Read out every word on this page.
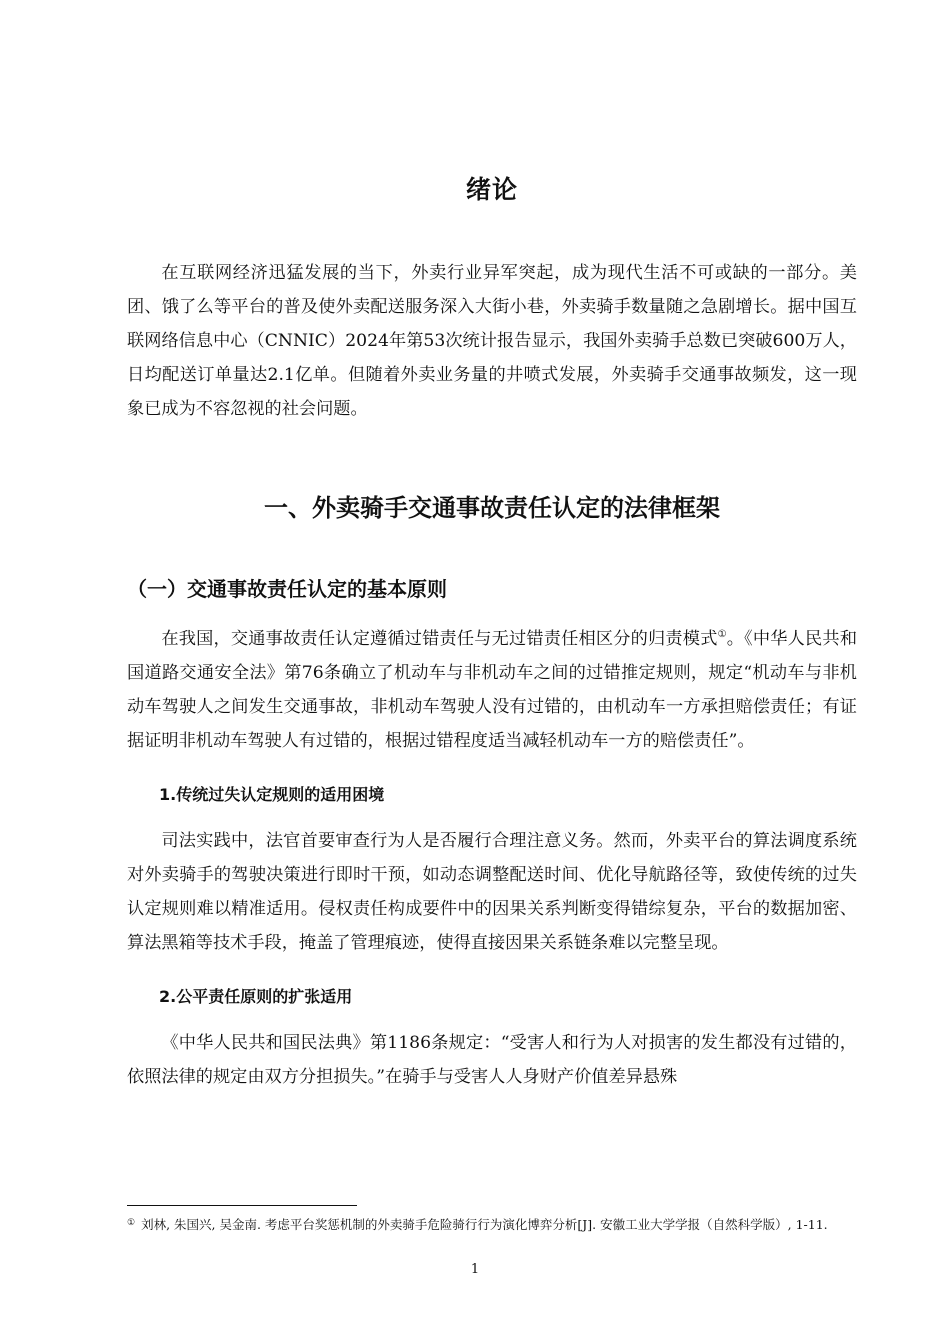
绪论

在互联网经济迅猛发展的当下，外卖行业异军突起，成为现代生活不可或缺的一部分。美团、饿了么等平台的普及使外卖配送服务深入大街小巷，外卖骑手数量随之急剧增长。据中国互联网络信息中心（CNNIC）2024年第53次统计报告显示，我国外卖骑手总数已突破600万人，日均配送订单量达2.1亿单。但随着外卖业务量的井喷式发展，外卖骑手交通事故频发，这一现象已成为不容忽视的社会问题。

一、外卖骑手交通事故责任认定的法律框架
（一）交通事故责任认定的基本原则

在我国，交通事故责任认定遵循过错责任与无过错责任相区分的归责模式①。《中华人民共和国道路交通安全法》第76条确立了机动车与非机动车之间的过错推定规则，规定“机动车与非机动车驾驶人之间发生交通事故，非机动车驾驶人没有过错的，由机动车一方承担赔偿责任；有证据证明非机动车驾驶人有过错的，根据过错程度适当减轻机动车一方的赔偿责任”。

1.传统过失认定规则的适用困境

司法实践中，法官首要审查行为人是否履行合理注意义务。然而，外卖平台的算法调度系统对外卖骑手的驾驶决策进行即时干预，如动态调整配送时间、优化导航路径等，致使传统的过失认定规则难以精准适用。侵权责任构成要件中的因果关系判断变得错综复杂，平台的数据加密、算法黑箱等技术手段，掩盖了管理痕迹，使得直接因果关系链条难以完整呈现。

2.公平责任原则的扩张适用

《中华人民共和国民法典》第1186条规定：“受害人和行为人对损害的发生都没有过错的，依照法律的规定由双方分担损失。”在骑手与受害人人身财产价值差异悬殊

① 刘林, 朱国兴, 吴金南. 考虑平台奖惩机制的外卖骑手危险骑行行为演化博弈分析[J]. 安徽工业大学学报（自然科学版）, 1-11.
1
